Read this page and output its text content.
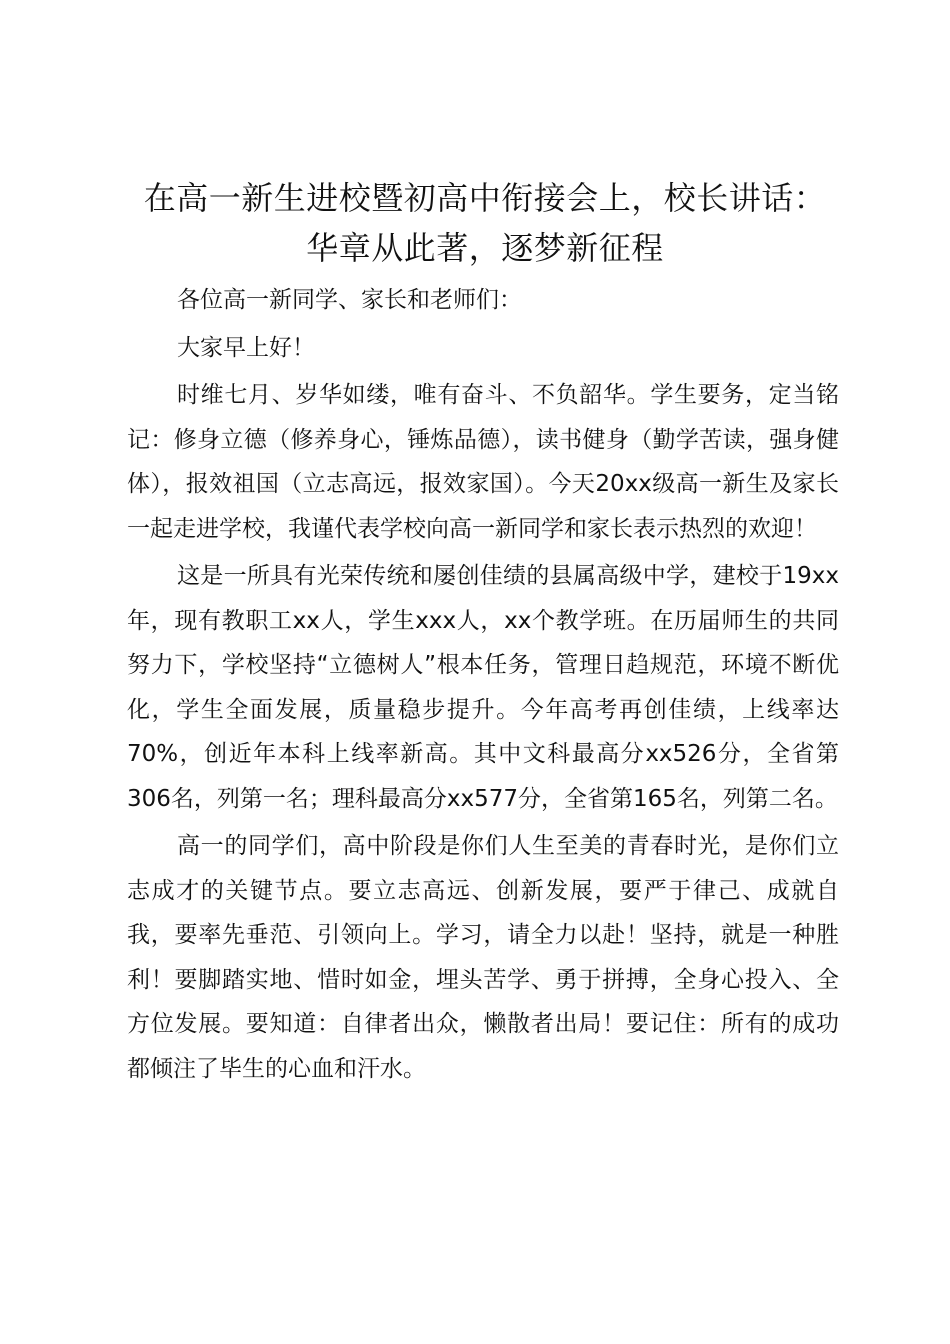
在高一新生进校暨初高中衔接会上，校长讲话：
华章从此著，逐梦新征程

各位高一新同学、家长和老师们：

大家早上好！

时维七月、岁华如缕，唯有奋斗、不负韶华。学生要务，定当铭记：修身立德（修养身心，锤炼品德），读书健身（勤学苦读，强身健体），报效祖国（立志高远，报效家国）。今天20xx级高一新生及家长一起走进学校，我谨代表学校向高一新同学和家长表示热烈的欢迎！

这是一所具有光荣传统和屡创佳绩的县属高级中学，建校于19xx年，现有教职工xx人，学生xxx人，xx个教学班。在历届师生的共同努力下，学校坚持“立德树人”根本任务，管理日趋规范，环境不断优化，学生全面发展，质量稳步提升。今年高考再创佳绩，上线率达70%，创近年本科上线率新高。其中文科最高分xx526分，全省第306名，列第一名；理科最高分xx577分，全省第165名，列第二名。

高一的同学们，高中阶段是你们人生至美的青春时光，是你们立志成才的关键节点。要立志高远、创新发展，要严于律己、成就自我，要率先垂范、引领向上。学习，请全力以赴！坚持，就是一种胜利！要脚踏实地、惜时如金，埋头苦学、勇于拼搏，全身心投入、全方位发展。要知道：自律者出众，懒散者出局！要记住：所有的成功都倾注了毕生的心血和汗水。
